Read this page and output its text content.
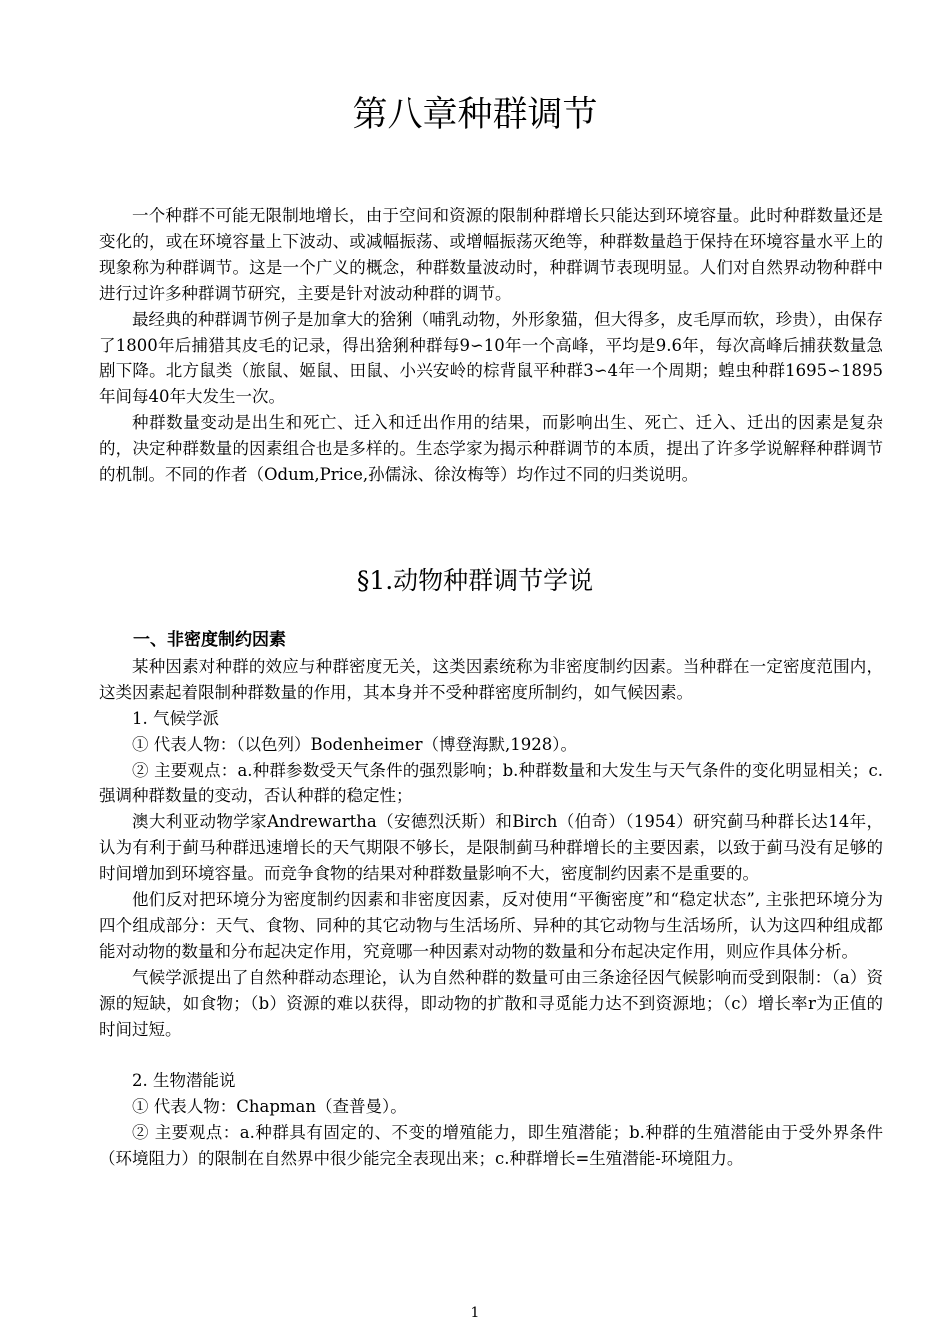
第八章种群调节

一个种群不可能无限制地增长，由于空间和资源的限制种群增长只能达到环境容量。此时种群数量还是变化的，或在环境容量上下波动、或减幅振荡、或增幅振荡灭绝等，种群数量趋于保持在环境容量水平上的现象称为种群调节。这是一个广义的概念，种群数量波动时，种群调节表现明显。人们对自然界动物种群中进行过许多种群调节研究，主要是针对波动种群的调节。

最经典的种群调节例子是加拿大的猞猁（哺乳动物，外形象猫，但大得多，皮毛厚而软，珍贵），由保存了1800年后捕猎其皮毛的记录，得出猞猁种群每9∽10年一个高峰，平均是9.6年，每次高峰后捕获数量急剧下降。北方鼠类（旅鼠、姬鼠、田鼠、小兴安岭的棕背鼠平种群3∽4年一个周期；蝗虫种群1695∽1895年间每40年大发生一次。

种群数量变动是出生和死亡、迁入和迁出作用的结果，而影响出生、死亡、迁入、迁出的因素是复杂的，决定种群数量的因素组合也是多样的。生态学家为揭示种群调节的本质，提出了许多学说解释种群调节的机制。不同的作者（Odum,Price,孙儒泳、徐汝梅等）均作过不同的归类说明。

§1.动物种群调节学说
一、非密度制约因素

某种因素对种群的效应与种群密度无关，这类因素统称为非密度制约因素。当种群在一定密度范围内，这类因素起着限制种群数量的作用，其本身并不受种群密度所制约，如气候因素。

1. 气候学派

① 代表人物：（以色列）Bodenheimer（博登海默,1928）。

② 主要观点：a.种群参数受天气条件的强烈影响；b.种群数量和大发生与天气条件的变化明显相关；c.强调种群数量的变动，否认种群的稳定性；

澳大利亚动物学家Andrewartha（安德烈沃斯）和Birch（伯奇）（1954）研究蓟马种群长达14年，认为有利于蓟马种群迅速增长的天气期限不够长，是限制蓟马种群增长的主要因素，以致于蓟马没有足够的时间增加到环境容量。而竞争食物的结果对种群数量影响不大，密度制约因素不是重要的。

他们反对把环境分为密度制约因素和非密度因素，反对使用“平衡密度”和“稳定状态”, 主张把环境分为四个组成部分：天气、食物、同种的其它动物与生活场所、异种的其它动物与生活场所，认为这四种组成都能对动物的数量和分布起决定作用，究竟哪一种因素对动物的数量和分布起决定作用，则应作具体分析。

气候学派提出了自然种群动态理论，认为自然种群的数量可由三条途径因气候影响而受到限制：（a）资源的短缺，如食物；（b）资源的难以获得，即动物的扩散和寻觅能力达不到资源地；（c）增长率r为正值的时间过短。

2. 生物潜能说

① 代表人物：Chapman（查普曼）。

② 主要观点：a.种群具有固定的、不变的增殖能力，即生殖潜能；b.种群的生殖潜能由于受外界条件（环境阻力）的限制在自然界中很少能完全表现出来；c.种群增长=生殖潜能-环境阻力。

1
